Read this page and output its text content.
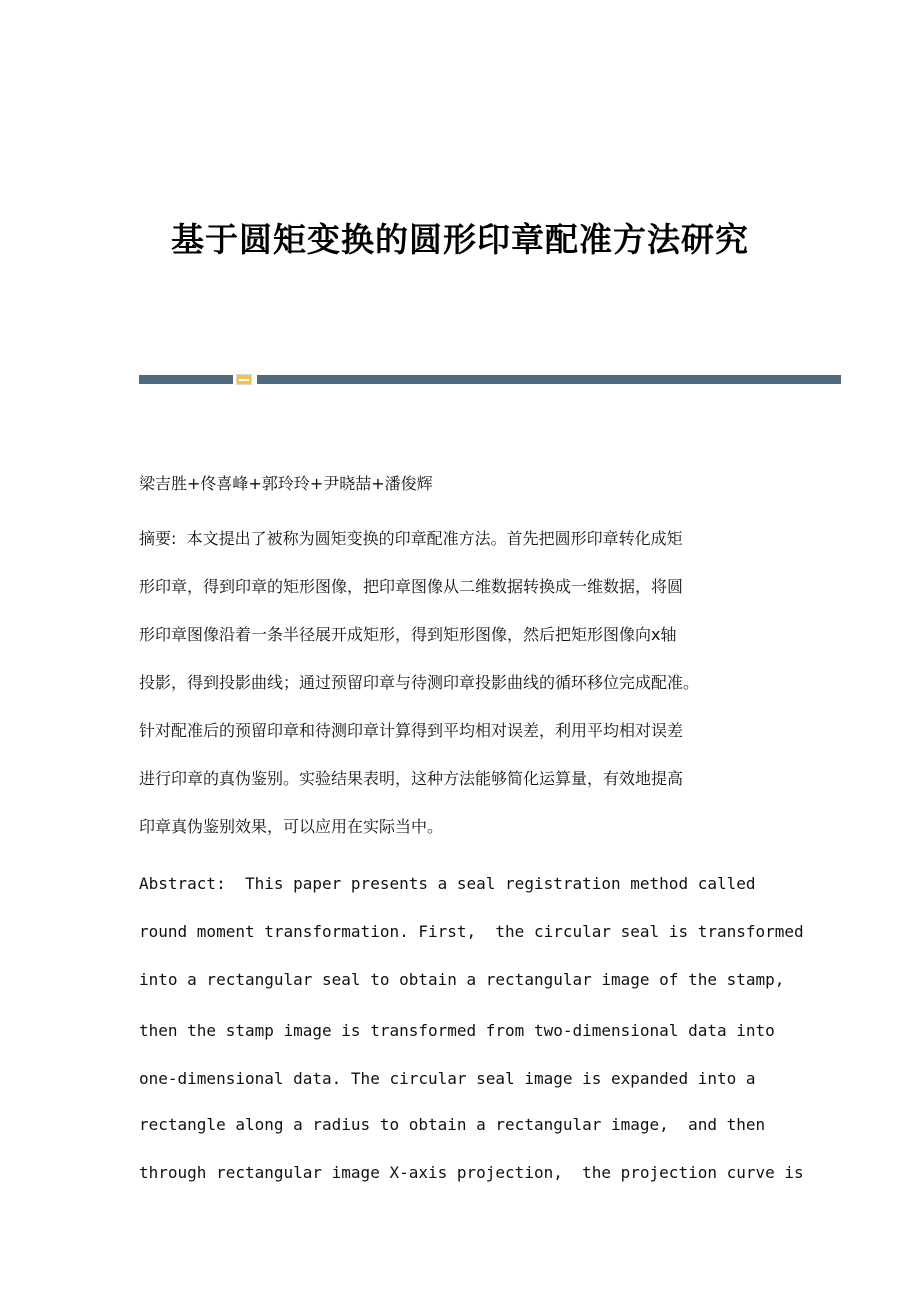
基于圆矩变换的圆形印章配准方法研究
梁吉胜+佟喜峰+郭玲玲+尹晓喆+潘俊辉
摘要:  本文提出了被称为圆矩变换的印章配准方法。首先把圆形印章转化成矩
形印章，得到印章的矩形图像，把印章图像从二维数据转换成一维数据，将圆
形印章图像沿着一条半径展开成矩形，得到矩形图像，然后把矩形图像向x轴
投影，得到投影曲线；通过预留印章与待测印章投影曲线的循环移位完成配准。
针对配准后的预留印章和待测印章计算得到平均相对误差，利用平均相对误差
进行印章的真伪鉴别。实验结果表明，这种方法能够简化运算量，有效地提高
印章真伪鉴别效果，可以应用在实际当中。
Abstract:  This paper presents a seal registration method called
round moment transformation. First,  the circular seal is transformed
into a rectangular seal to obtain a rectangular image of the stamp,
then the stamp image is transformed from two-dimensional data into
one-dimensional data. The circular seal image is expanded into a
rectangle along a radius to obtain a rectangular image,  and then
through rectangular image X-axis projection,  the projection curve is
